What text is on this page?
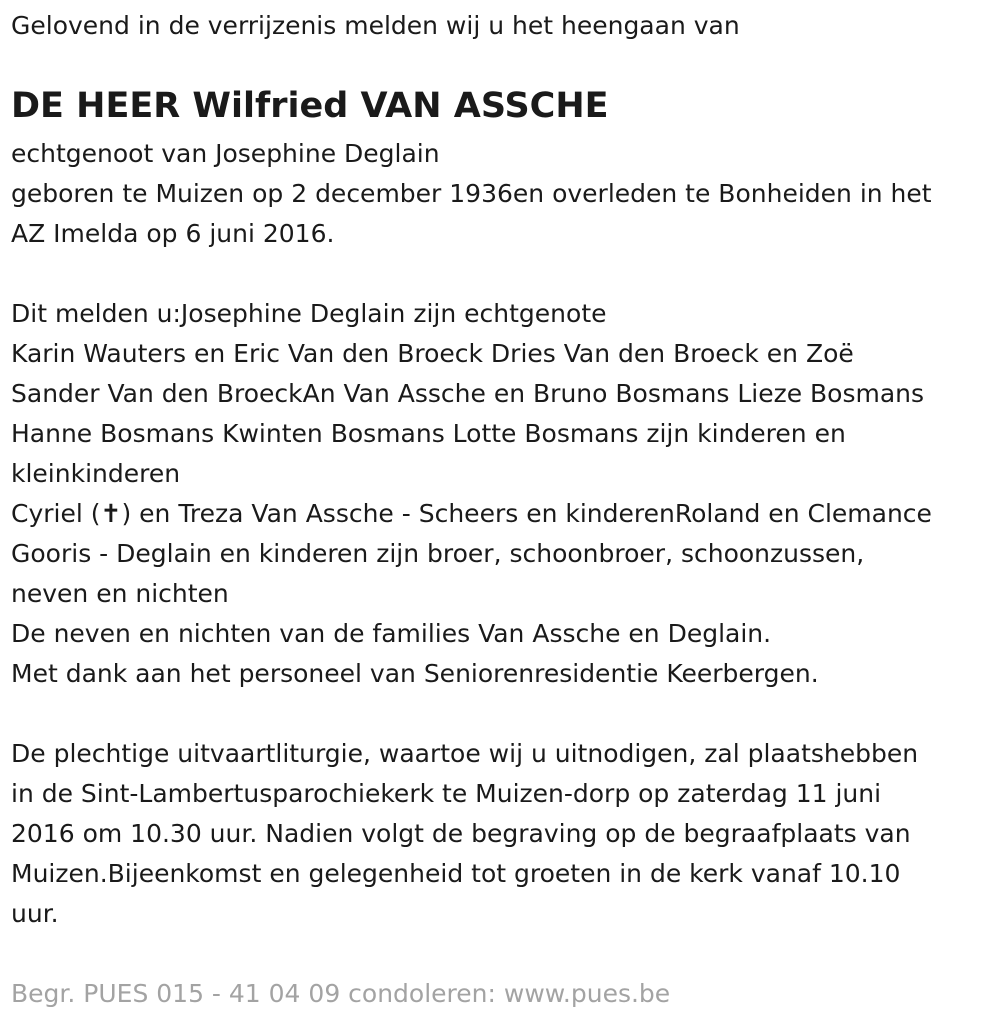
Gelovend in de verrijzenis melden wij u het heengaan van

DE HEER Wilfried VAN ASSCHE

echtgenoot van Josephine Deglain

geboren te Muizen op 2 december 1936en overleden te Bonheiden in het

AZ Imelda op 6 juni 2016.

Dit melden u:Josephine Deglain zijn echtgenote

Karin Wauters en Eric Van den Broeck Dries Van den Broeck en Zoë

Sander Van den BroeckAn Van Assche en Bruno Bosmans Lieze Bosmans

Hanne Bosmans Kwinten Bosmans Lotte Bosmans zijn kinderen en

kleinkinderen

Cyriel (✝) en Treza Van Assche - Scheers en kinderenRoland en Clemance

Gooris - Deglain en kinderen zijn broer, schoonbroer, schoonzussen,

neven en nichten

De neven en nichten van de families Van Assche en Deglain.

Met dank aan het personeel van Seniorenresidentie Keerbergen.

De plechtige uitvaartliturgie, waartoe wij u uitnodigen, zal plaatshebben

in de Sint-Lambertusparochiekerk te Muizen-dorp op zaterdag 11 juni

2016 om 10.30 uur. Nadien volgt de begraving op de begraafplaats van

Muizen.Bijeenkomst en gelegenheid tot groeten in de kerk vanaf 10.10

uur.

Begr. PUES 015 - 41 04 09 condoleren: www.pues.be
